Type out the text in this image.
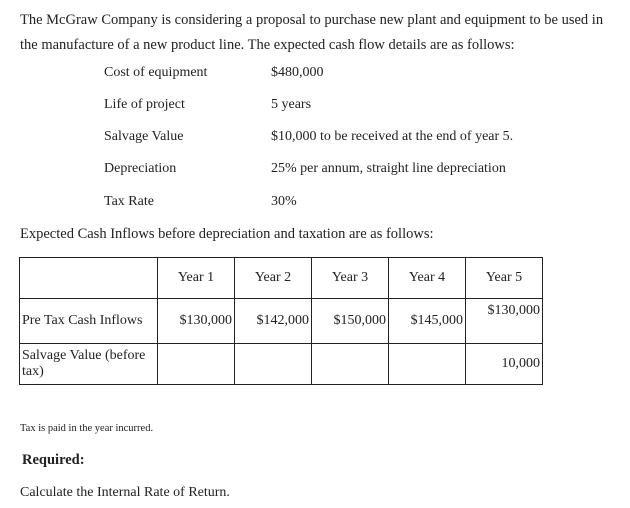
The McGraw Company is considering a proposal to purchase new plant and equipment to be used in the manufacture of a new product line. The expected cash flow details are as follows:
Cost of equipment	$480,000
Life of project	5 years
Salvage Value	$10,000 to be received at the end of year 5.
Depreciation	25% per annum, straight line depreciation
Tax Rate	30%
Expected Cash Inflows before depreciation and taxation are as follows:
	Year 1	Year 2	Year 3	Year 4	Year 5
Pre Tax Cash Inflows	$130,000	$142,000	$150,000	$145,000	$130,000
Salvage Value (before tax)					10,000
Tax is paid in the year incurred.
Required:
Calculate the Internal Rate of Return.
